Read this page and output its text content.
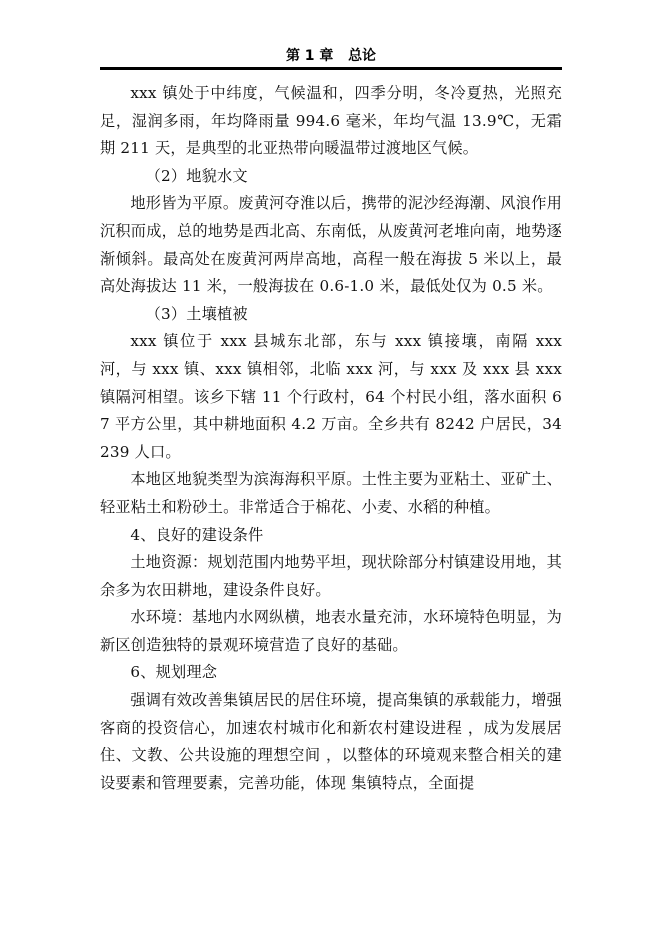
第 1 章 总论

xxx 镇处于中纬度，气候温和，四季分明，冬冷夏热，光照充足，湿润多雨，年均降雨量 994.6 毫米，年均气温 13.9℃，无霜期 211 天，是典型的北亚热带向暖温带过渡地区气候。

（2）地貌水文

地形皆为平原。废黄河夺淮以后，携带的泥沙经海潮、风浪作用沉积而成，总的地势是西北高、东南低，从废黄河老堆向南，地势逐渐倾斜。最高处在废黄河两岸高地，高程一般在海拔 5 米以上，最高处海拔达 11 米，一般海拔在 0.6-1.0 米，最低处仅为 0.5 米。

（3）土壤植被

xxx 镇位于 xxx 县城东北部，东与 xxx 镇接壤，南隔 xxx 河，与 xxx 镇、xxx 镇相邻，北临 xxx 河，与 xxx 及 xxx 县 xxx 镇隔河相望。该乡下辖 11 个行政村，64 个村民小组，落水面积 67 平方公里，其中耕地面积 4.2 万亩。全乡共有 8242 户居民，34239 人口。

本地区地貌类型为滨海海积平原。土性主要为亚粘土、亚矿土、轻亚粘土和粉砂土。非常适合于棉花、小麦、水稻的种植。

4、良好的建设条件

土地资源：规划范围内地势平坦，现状除部分村镇建设用地，其余多为农田耕地，建设条件良好。

水环境：基地内水网纵横，地表水量充沛，水环境特色明显，为新区创造独特的景观环境营造了良好的基础。

6、规划理念

强调有效改善集镇居民的居住环境，提高集镇的承载能力，增强客商的投资信心，加速农村城市化和新农村建设进程 ，成为发展居住、文教、公共设施的理想空间 ，以整体的环境观来整合相关的建设要素和管理要素，完善功能，体现 集镇特点，全面提
